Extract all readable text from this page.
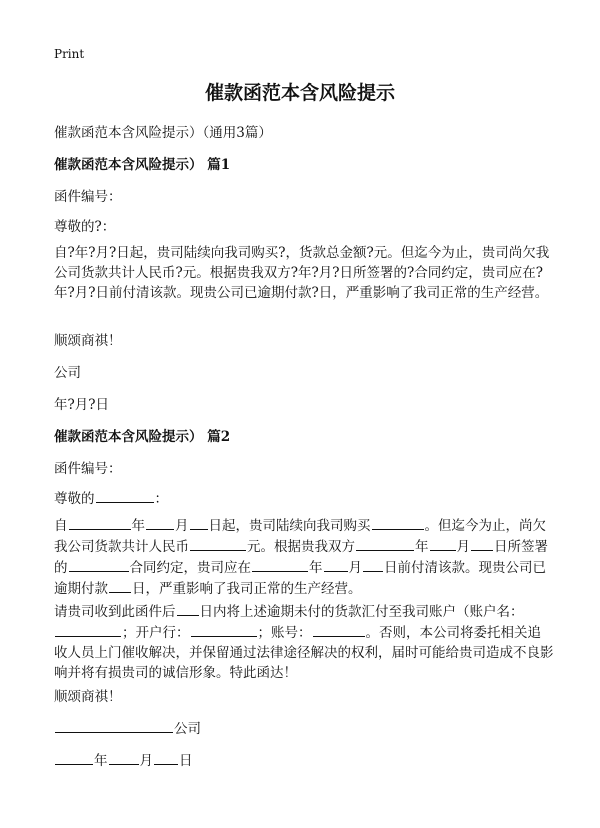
Print
催款函范本含风险提示
催款函范本含风险提示）（通用3篇）
催款函范本含风险提示） 篇1
函件编号：
尊敬的?：
自?年?月?日起，贵司陆续向我司购买?，货款总金额?元。但迄今为止，贵司尚欠我公司货款共计人民币?元。根据贵我双方?年?月?日所签署的?合同约定，贵司应在?年?月?日前付清该款。现贵公司已逾期付款?日，严重影响了我司正常的生产经营。
顺颂商祺！
公司
年?月?日
催款函范本含风险提示） 篇2
函件编号：
尊敬的	：
自	年 月 日起，贵司陆续向我司购买	。但迄今为止，尚欠
我公司货款共计人民币	元。根据贵我双方	年 月 日所签署
的	合同约定，贵司应在	年 月 日前付清该款。现贵公司已
逾期付款 日，严重影响了我司正常的生产经营。
请贵司收到此函件后 日内将上述逾期未付的货款汇付至我司账户（账户名：
；开户行：	；账号：	。否则，本公司将委托相关追
收人员上门催收解决，并保留通过法律途径解决的权利，届时可能给贵司造成不良影响并将有损贵司的诚信形象。特此函达！
顺颂商祺！
公司
年 月 日
